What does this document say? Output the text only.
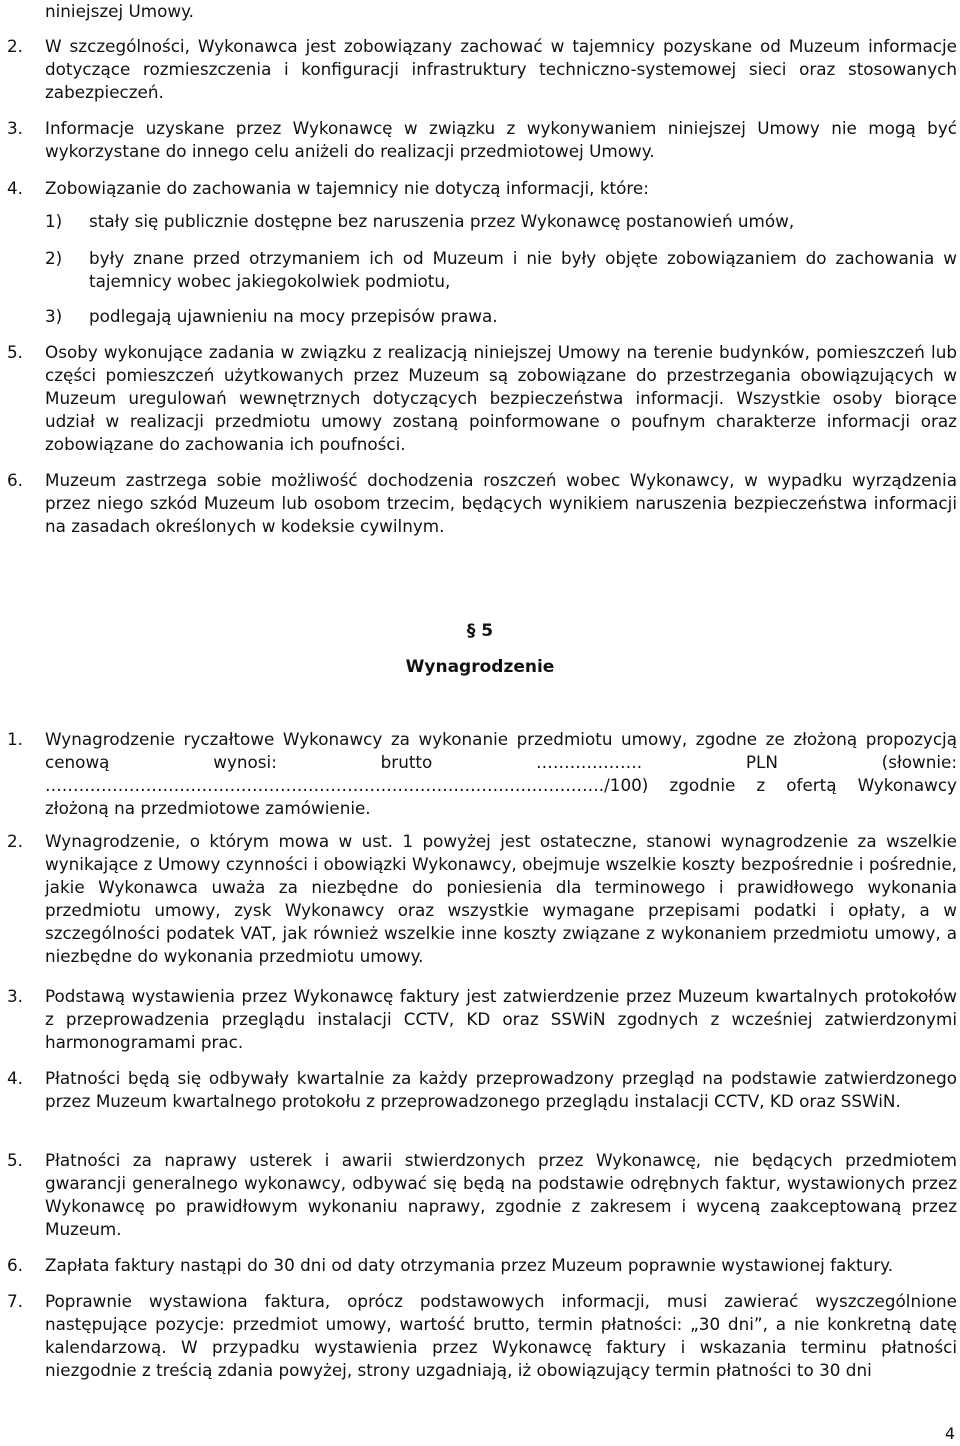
niniejszej Umowy.
2. W szczególności, Wykonawca jest zobowiązany zachować w tajemnicy pozyskane od Muzeum informacje dotyczące rozmieszczenia i konfiguracji infrastruktury techniczno-systemowej sieci oraz stosowanych zabezpieczeń.
3. Informacje uzyskane przez Wykonawcę w związku z wykonywaniem niniejszej Umowy nie mogą być wykorzystane do innego celu aniżeli do realizacji przedmiotowej Umowy.
4. Zobowiązanie do zachowania w tajemnicy nie dotyczą informacji, które:
1) stały się publicznie dostępne bez naruszenia przez Wykonawcę postanowień umów,
2) były znane przed otrzymaniem ich od Muzeum i nie były objęte zobowiązaniem do zachowania w tajemnicy wobec jakiegokolwiek podmiotu,
3) podlegają ujawnieniu na mocy przepisów prawa.
5. Osoby wykonujące zadania w związku z realizacją niniejszej Umowy na terenie budynków, pomieszczeń lub części pomieszczeń użytkowanych przez Muzeum są zobowiązane do przestrzegania obowiązujących w Muzeum uregulowań wewnętrznych dotyczących bezpieczeństwa informacji. Wszystkie osoby biorące udział w realizacji przedmiotu umowy zostaną poinformowane o poufnym charakterze informacji oraz zobowiązane do zachowania ich poufności.
6. Muzeum zastrzega sobie możliwość dochodzenia roszczeń wobec Wykonawcy, w wypadku wyrządzenia przez niego szkód Muzeum lub osobom trzecim, będących wynikiem naruszenia bezpieczeństwa informacji na zasadach określonych w kodeksie cywilnym.
§ 5
Wynagrodzenie
1. Wynagrodzenie ryczałtowe Wykonawcy za wykonanie przedmiotu umowy, zgodne ze złożoną propozycją cenową wynosi: brutto ………………. PLN (słownie: ………………………………………………………………………………………./100) zgodnie z ofertą Wykonawcy złożoną na przedmiotowe zamówienie.
2. Wynagrodzenie, o którym mowa w ust. 1 powyżej jest ostateczne, stanowi wynagrodzenie za wszelkie wynikające z Umowy czynności i obowiązki Wykonawcy, obejmuje wszelkie koszty bezpośrednie i pośrednie, jakie Wykonawca uważa za niezbędne do poniesienia dla terminowego i prawidłowego wykonania przedmiotu umowy, zysk Wykonawcy oraz wszystkie wymagane przepisami podatki i opłaty, a w szczególności podatek VAT, jak również wszelkie inne koszty związane z wykonaniem przedmiotu umowy, a niezbędne do wykonania przedmiotu umowy.
3. Podstawą wystawienia przez Wykonawcę faktury jest zatwierdzenie przez Muzeum kwartalnych protokołów z przeprowadzenia przeglądu instalacji CCTV, KD oraz SSWiN zgodnych z wcześniej zatwierdzonymi harmonogramami prac.
4. Płatności będą się odbywały kwartalnie za każdy przeprowadzony przegląd na podstawie zatwierdzonego przez Muzeum kwartalnego protokołu z przeprowadzonego przeglądu instalacji CCTV, KD oraz SSWiN.
5. Płatności za naprawy usterek i awarii stwierdzonych przez Wykonawcę, nie będących przedmiotem gwarancji generalnego wykonawcy, odbywać się będą na podstawie odrębnych faktur, wystawionych przez Wykonawcę po prawidłowym wykonaniu naprawy, zgodnie z zakresem i wyceną zaakceptowaną przez Muzeum.
6. Zapłata faktury nastąpi do 30 dni od daty otrzymania przez Muzeum poprawnie wystawionej faktury.
7. Poprawnie wystawiona faktura, oprócz podstawowych informacji, musi zawierać wyszczególnione następujące pozycje: przedmiot umowy, wartość brutto, termin płatności: „30 dni”, a nie konkretną datę kalendarzową. W przypadku wystawienia przez Wykonawcę faktury i wskazania terminu płatności niezgodnie z treścią zdania powyżej, strony uzgadniają, iż obowiązujący termin płatności to 30 dni
4
